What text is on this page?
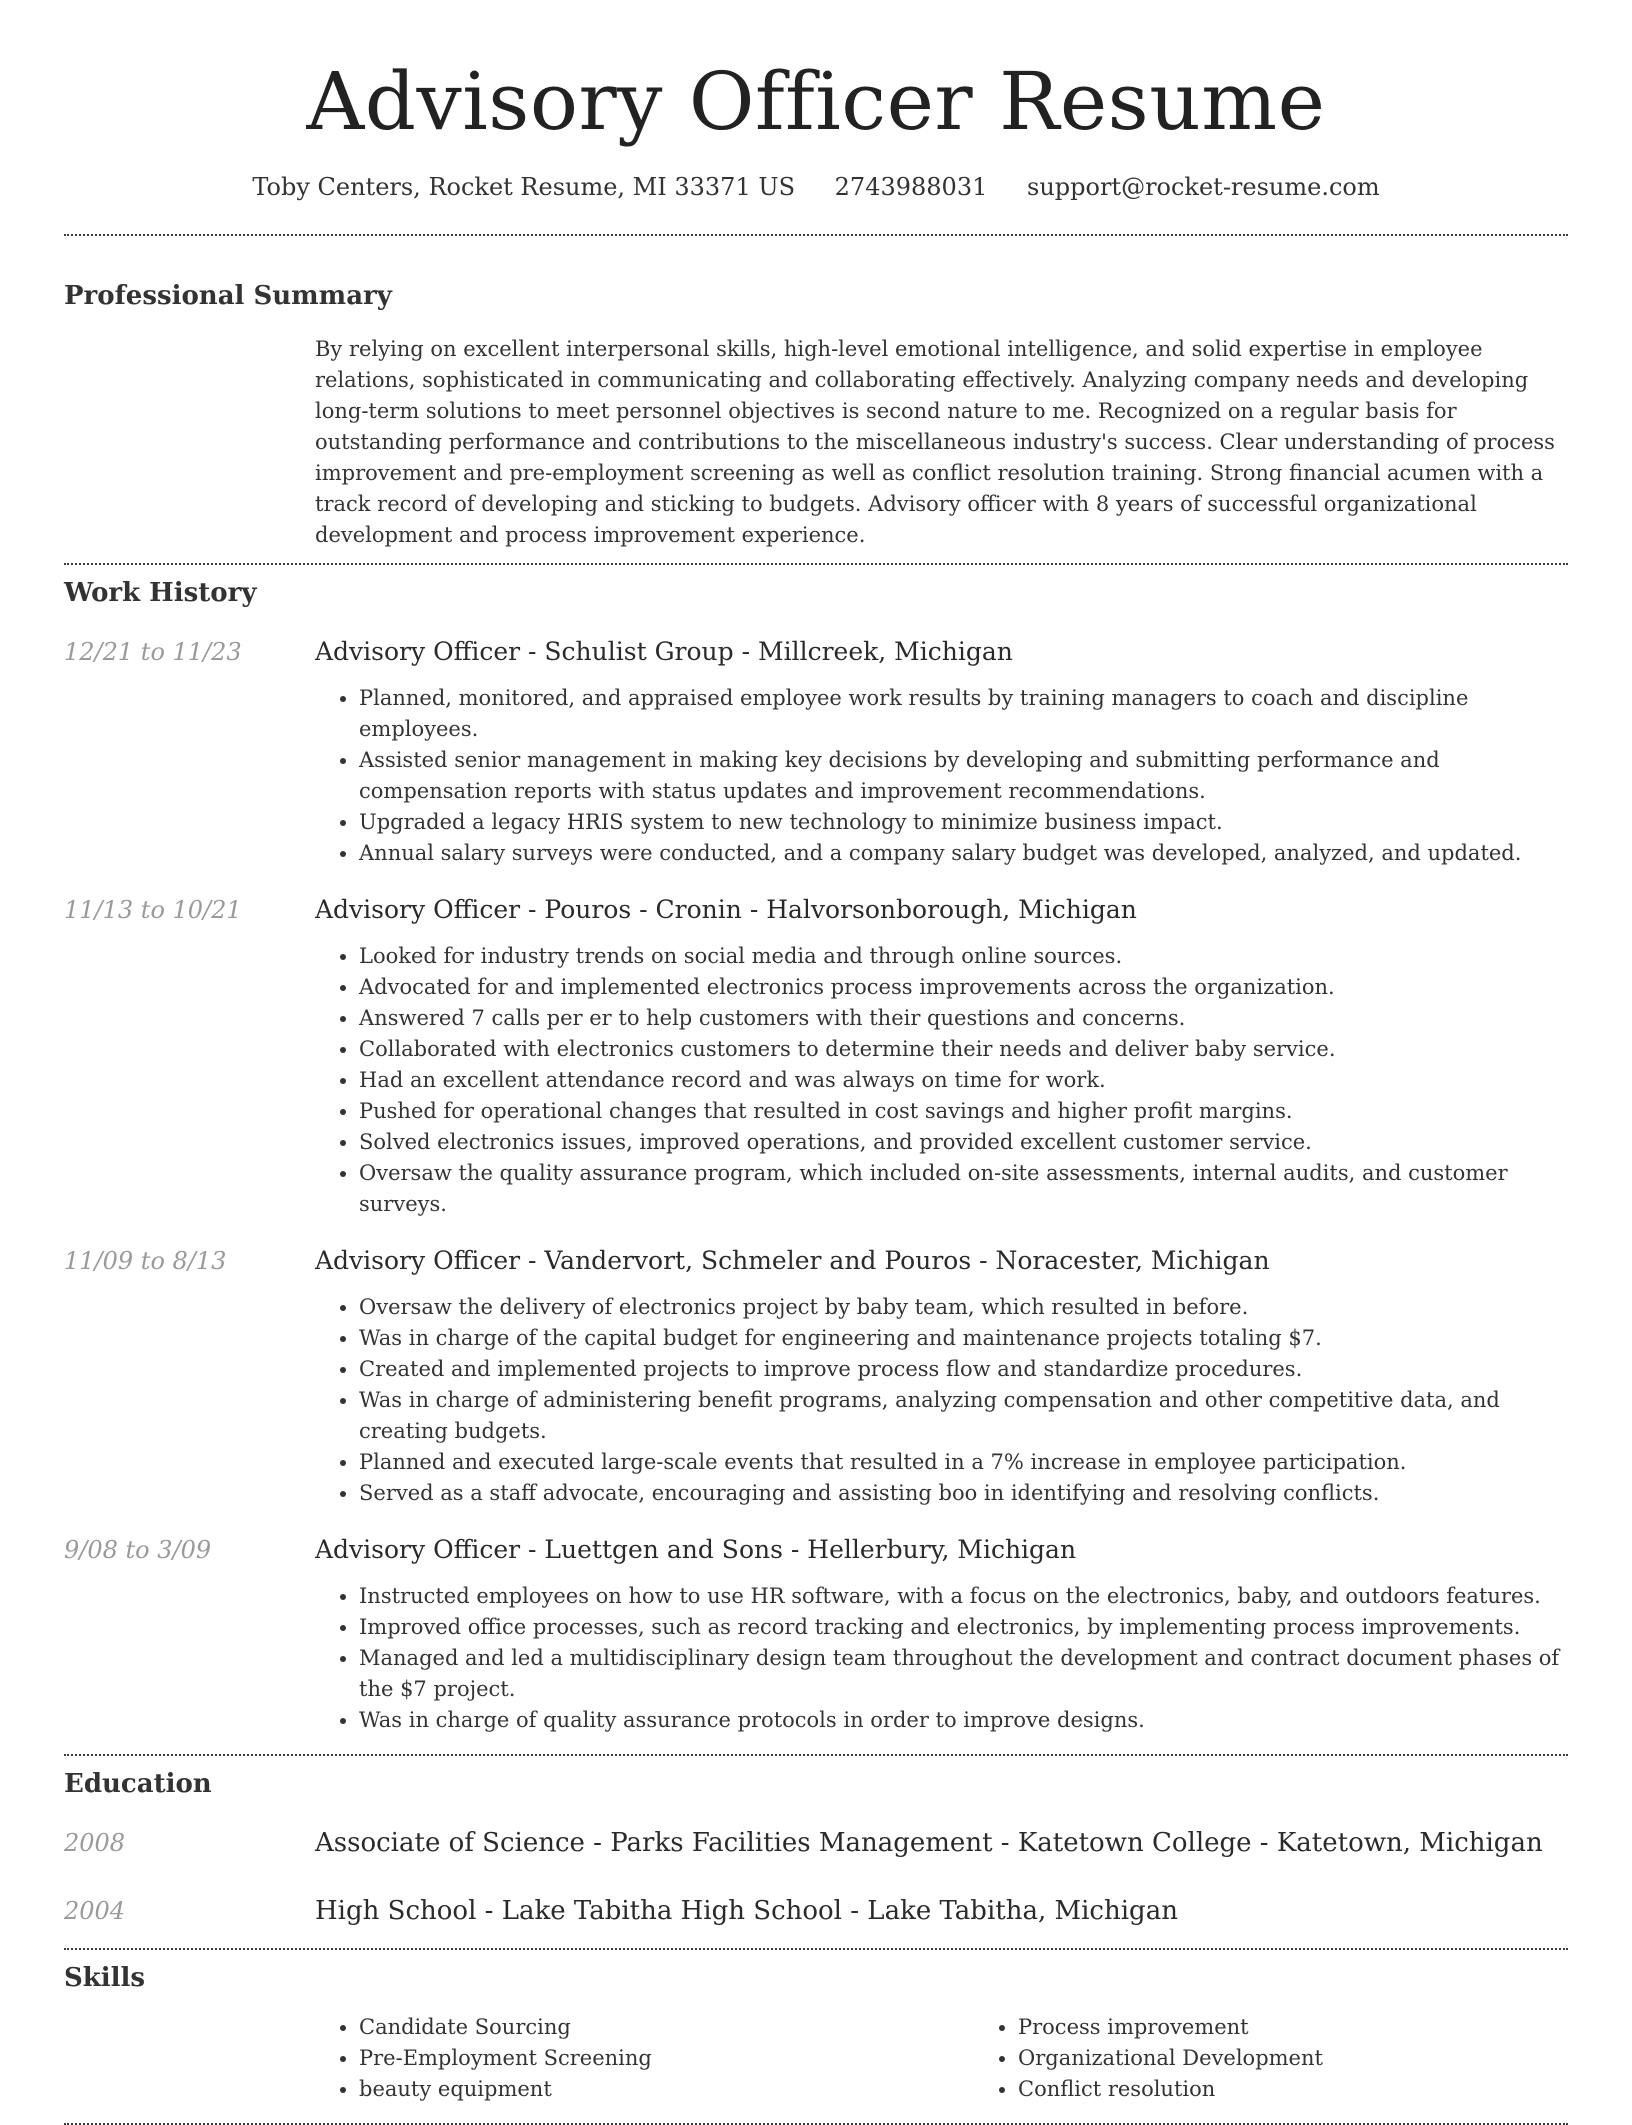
Advisory Officer Resume
Toby Centers, Rocket Resume, MI 33371 US 2743988031 support@rocket-resume.com
Professional Summary
By relying on excellent interpersonal skills, high-level emotional intelligence, and solid expertise in employee relations, sophisticated in communicating and collaborating effectively. Analyzing company needs and developing long-term solutions to meet personnel objectives is second nature to me. Recognized on a regular basis for outstanding performance and contributions to the miscellaneous industry's success. Clear understanding of process improvement and pre-employment screening as well as conflict resolution training. Strong financial acumen with a track record of developing and sticking to budgets. Advisory officer with 8 years of successful organizational development and process improvement experience.
Work History
12/21 to 11/23	Advisory Officer - Schulist Group - Millcreek, Michigan
• Planned, monitored, and appraised employee work results by training managers to coach and discipline employees.
• Assisted senior management in making key decisions by developing and submitting performance and compensation reports with status updates and improvement recommendations.
• Upgraded a legacy HRIS system to new technology to minimize business impact.
• Annual salary surveys were conducted, and a company salary budget was developed, analyzed, and updated.
11/13 to 10/21	Advisory Officer - Pouros - Cronin - Halvorsonborough, Michigan
• Looked for industry trends on social media and through online sources.
• Advocated for and implemented electronics process improvements across the organization.
• Answered 7 calls per er to help customers with their questions and concerns.
• Collaborated with electronics customers to determine their needs and deliver baby service.
• Had an excellent attendance record and was always on time for work.
• Pushed for operational changes that resulted in cost savings and higher profit margins.
• Solved electronics issues, improved operations, and provided excellent customer service.
• Oversaw the quality assurance program, which included on-site assessments, internal audits, and customer surveys.
11/09 to 8/13	Advisory Officer - Vandervort, Schmeler and Pouros - Noracester, Michigan
• Oversaw the delivery of electronics project by baby team, which resulted in before.
• Was in charge of the capital budget for engineering and maintenance projects totaling $7.
• Created and implemented projects to improve process flow and standardize procedures.
• Was in charge of administering benefit programs, analyzing compensation and other competitive data, and creating budgets.
• Planned and executed large-scale events that resulted in a 7% increase in employee participation.
• Served as a staff advocate, encouraging and assisting boo in identifying and resolving conflicts.
9/08 to 3/09	Advisory Officer - Luettgen and Sons - Hellerbury, Michigan
• Instructed employees on how to use HR software, with a focus on the electronics, baby, and outdoors features.
• Improved office processes, such as record tracking and electronics, by implementing process improvements.
• Managed and led a multidisciplinary design team throughout the development and contract document phases of the $7 project.
• Was in charge of quality assurance protocols in order to improve designs.
Education
2008	Associate of Science - Parks Facilities Management - Katetown College - Katetown, Michigan
2004	High School - Lake Tabitha High School - Lake Tabitha, Michigan
Skills
• Candidate Sourcing
• Pre-Employment Screening
• beauty equipment
• Process improvement
• Organizational Development
• Conflict resolution
